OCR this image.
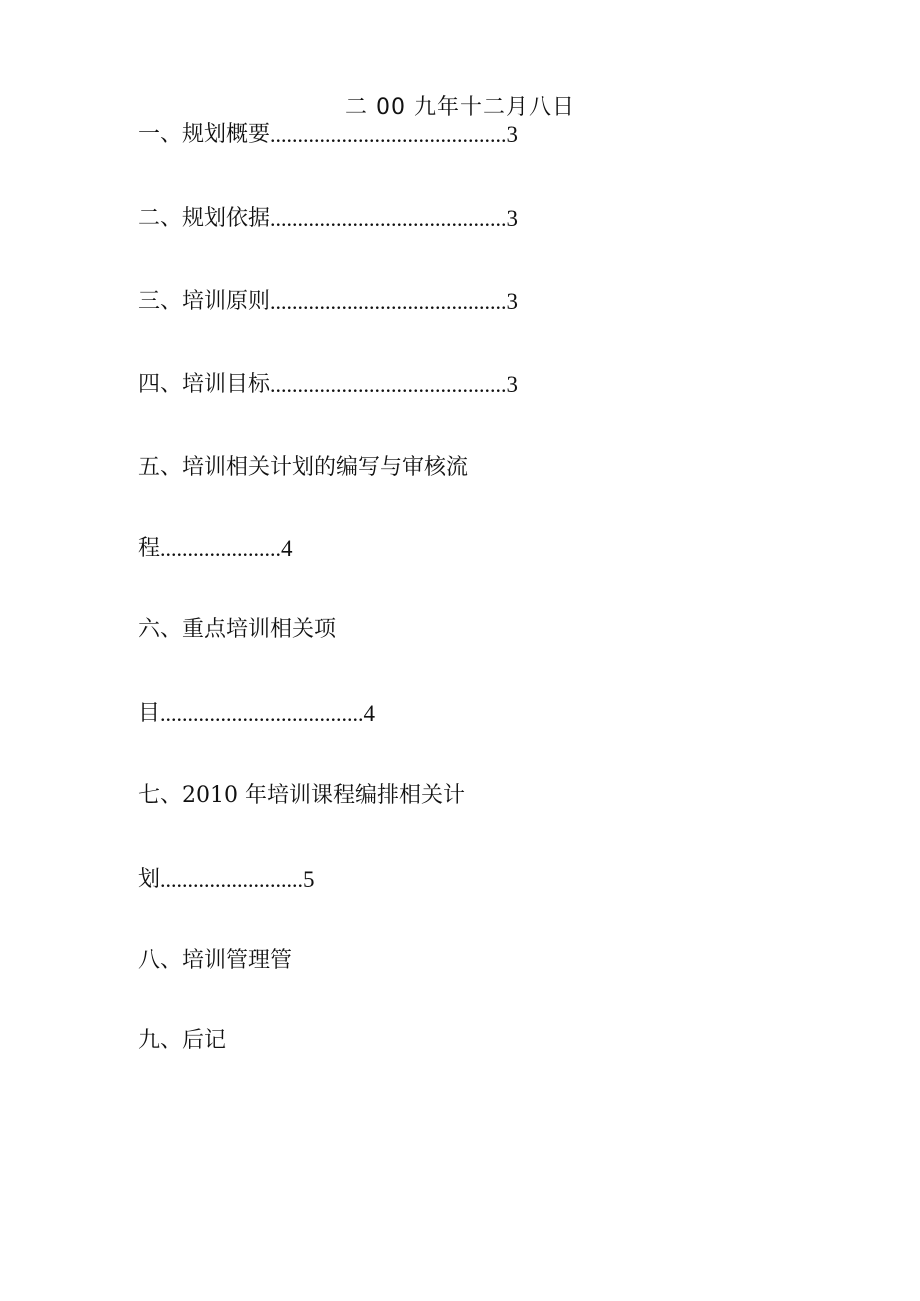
二 00 九年十二月八日
一、规划概要...........................................3
二、规划依据...........................................3
三、培训原则...........................................3
四、培训目标...........................................3
五、培训相关计划的编写与审核流
程......................4
六、重点培训相关项
目.....................................4
七、2010 年培训课程编排相关计
划..........................5
八、培训管理管
九、后记
